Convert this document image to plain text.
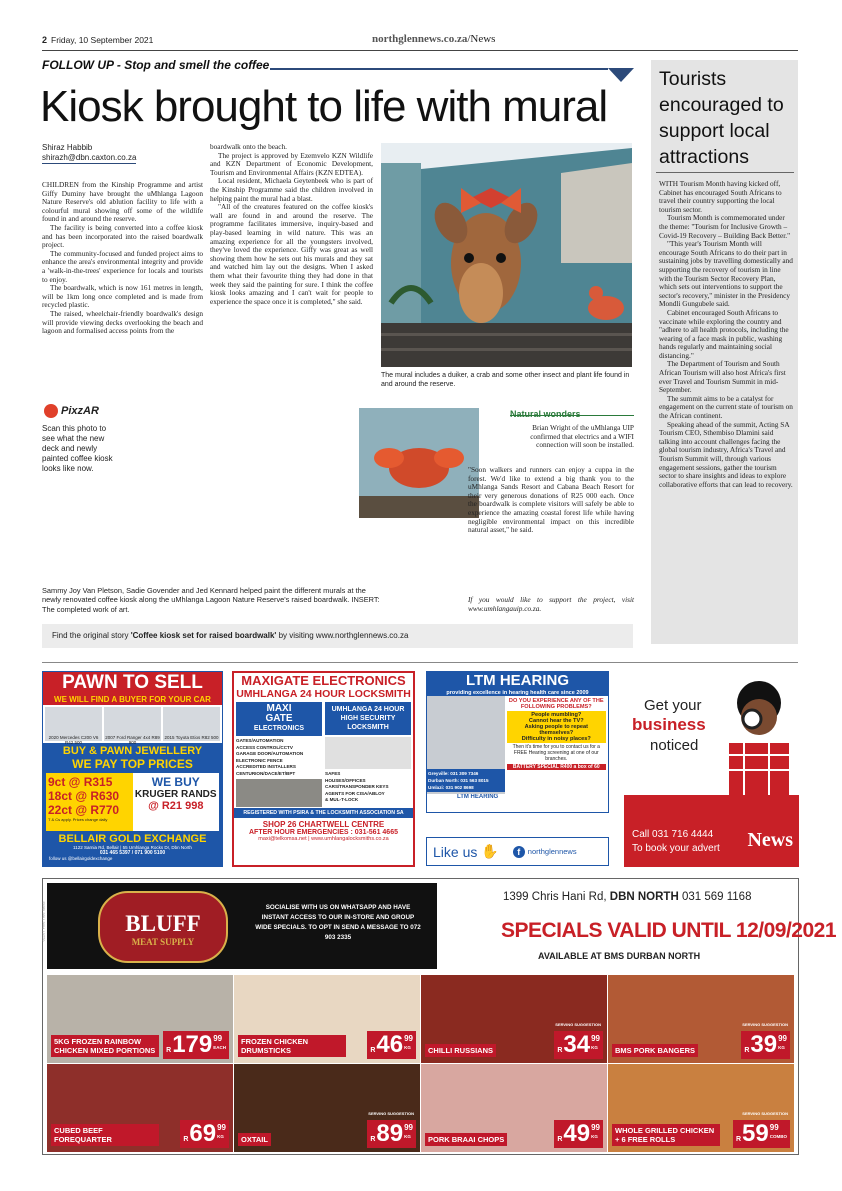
2 Friday, 10 September 2021	northglennews.co.za/News
FOLLOW UP - Stop and smell the coffee
Kiosk brought to life with mural
Shiraz Habbib
shirazh@dbn.caxton.co.za

CHILDREN from the Kinship Programme and artist Giffy Duminy have brought the uMhlanga Lagoon Nature Reserve's old ablution facility to life with a colourful mural showing off some of the wildlife found in and around the reserve.

The facility is being converted into a coffee kiosk and has been incorporated into the raised boardwalk project.

The community-focused and funded project aims to enhance the area's environmental integrity and provide a 'walk-in-the-trees' experience for locals and tourists to enjoy.

The boardwalk, which is now 161 metres in length, will be 1km long once completed and is made from recycled plastic.

The raised, wheelchair-friendly boardwalk's design will provide viewing decks overlooking the beach and lagoon and formalised access points from the

boardwalk onto the beach.

The project is approved by Ezemvelo KZN Wildlife and KZN Department of Economic Development, Tourism and Environmental Affairs (KZN EDTEA).

Local resident, Michaela Geytenbeek who is part of the Kinship Programme said the children involved in helping paint the mural had a blast.

"All of the creatures featured on the coffee kiosk's wall are found in and around the reserve. The programme facilitates immersive, inquiry-based and play-based learning in wild nature. This was an amazing experience for all the youngsters involved, they've loved the experience. Giffy was great as well showing them how he sets out his murals and they sat and watched him lay out the designs. When I asked them what their favourite thing they had done in that week they said the painting for sure. I think the coffee kiosk looks amazing and I can't wait for people to experience the space once it is completed," she said.

The mural includes a duiker, a crab and some other insect and plant life found in and around the reserve.
PixzAR
Scan this photo to see what the new deck and newly painted coffee kiosk looks like now.
Sammy Joy Van Pletson, Sadie Govender and Jed Kennard helped paint the different murals at the newly renovated coffee kiosk along the uMhlanga Lagoon Nature Reserve's raised boardwalk. INSERT: The completed work of art.
Natural wonders
Brian Wright of the uMhlanga UIP confirmed that electrics and a WIFI connection will soon be installed.
"Soon walkers and runners can enjoy a cuppa in the forest. We'd like to extend a big thank you to the uMhlanga Sands Resort and Cabana Beach Resort for their very generous donations of R25 000 each. Once the boardwalk is complete visitors will safely be able to experience the amazing coastal forest life while having negligible environmental impact on this incredible natural asset," he said.
If you would like to support the project, visit www.umhlangauip.co.za.
Find the original story 'Coffee kiosk set for raised boardwalk' by visiting www.northglennews.co.za
Tourists encouraged to support local attractions

WITH Tourism Month having kicked off, Cabinet has encouraged South Africans to travel their country supporting the local tourism sector.

Tourism Month is commemorated under the theme: "Tourism for Inclusive Growth – Covid-19 Recovery – Building Back Better."

"This year's Tourism Month will encourage South Africans to do their part in sustaining jobs by travelling domestically and supporting the recovery of tourism in line with the Tourism Sector Recovery Plan, which sets out interventions to support the sector's recovery," minister in the Presidency Mondli Gungubele said.

Cabinet encouraged South Africans to vaccinate while exploring the country and "adhere to all health protocols, including the wearing of a face mask in public, washing hands regularly and maintaining social distancing."

The Department of Tourism and South African Tourism will also host Africa's first ever Travel and Tourism Summit in mid-September.

The summit aims to be a catalyst for engagement on the current state of tourism on the African continent.

Speaking ahead of the summit, Acting SA Tourism CEO, Sthembiso Dlamini said talking into account challenges facing the global tourism industry, Africa's Travel and Tourism Summit will, through various engagement sessions, gather the tourism sector to share insights and ideas to explore collaborative efforts that can lead to recovery.

PAWN TO SELL
WE WILL FIND A BUYER FOR YOUR CAR
2020 Mercedes C200 V6 R42 500
2007 Ford Ranger 4x4 R89 900
2015 Toyota Etios R82 500
BUY & PAWN JEWELLERY
WE PAY TOP PRICES
9ct @ R315
18ct @ R630
22ct @ R770
T & Cs apply. Prices change daily
WE BUY
KRUGER RANDS
@ R21 998
BELLAIR GOLD EXCHANGE
1122 Sarnia Rd, Bellair | 55 Umhlanga Rocks Dr, Dbn North
031 465 5397 / 071 900 5100
follow us @bellairgoldexchange
MAXIGATE ELECTRONICS
UMHLANGA 24 HOUR LOCKSMITH
MAXI
GATE
ELECTRONICS
GATES/AUTOMATION
ACCESS CONTROL/CCTV
GARAGE DOOR/AUTOMATION
ELECTRONIC FENCE
ACCREDITED INSTALLERS
CENTURION/DACE/ET/BPT
UMHLANGA 24 HOUR HIGH SECURITY LOCKSMITH
SAFES
HOUSES/OFFICES
CARS/TRANSPONDER KEYS
AGENTS FOR CISA/ABLOY
& MUL-T-LOCK
REGISTERED WITH PSIRA & THE LOCKSMITH ASSOCIATION SA
SHOP 26 CHARTWELL CENTRE
AFTER HOUR EMERGENCIES : 031-561 4665
maxi@telkomsa.net | www.umhlangalocksmiths.co.za
LTM HEARING
providing excellence in hearing health care since 2009
Greyville: 031 309 7346
Durban North: 031 563 8015
Umlazi: 031 902 8698
DO YOU EXPERIENCE ANY OF THE FOLLOWING PROBLEMS?
People mumbling?
Cannot hear the TV?
Asking people to repeat themselves?
Difficulty in noisy places?
Then it's time for you to contact us for a FREE Hearing screening at one of our branches.
BATTERY SPECIAL R400 a box of 60
LTM HEARING
Like us ✋	f	northglennews
Get your
business
noticed
Call 031 716 4444
To book your advert News
62267 Fine Tree Ideas	BLUFF
MEAT SUPPLY
SOCIALISE WITH US ON WHATSAPP AND HAVE INSTANT ACCESS TO OUR IN-STORE AND GROUP WIDE SPECIALS. TO OPT IN SEND A MESSAGE TO 072 903 2335
1399 Chris Hani Rd, DBN NORTH 031 569 1168
SPECIALS VALID UNTIL 12/09/2021
AVAILABLE AT BMS DURBAN NORTH
5KG FROZEN RAINBOW CHICKEN MIXED PORTIONS	R 179 99
EACH
FROZEN CHICKEN DRUMSTICKS	R 46 99
KG	CHILLI RUSSIANS
SERVING SUGGESTION
R 34 99
KG	BMS PORK BANGERS
SERVING SUGGESTION
R 39 99
KG
CUBED BEEF FOREQUARTER	R 69 99
KG	OXTAIL
SERVING SUGGESTION
R 89 99
KG	PORK BRAAI CHOPS	R 49 99
KG
WHOLE GRILLED CHICKEN + 6 FREE ROLLS
SERVING SUGGESTION
R 59 99
COMBO
